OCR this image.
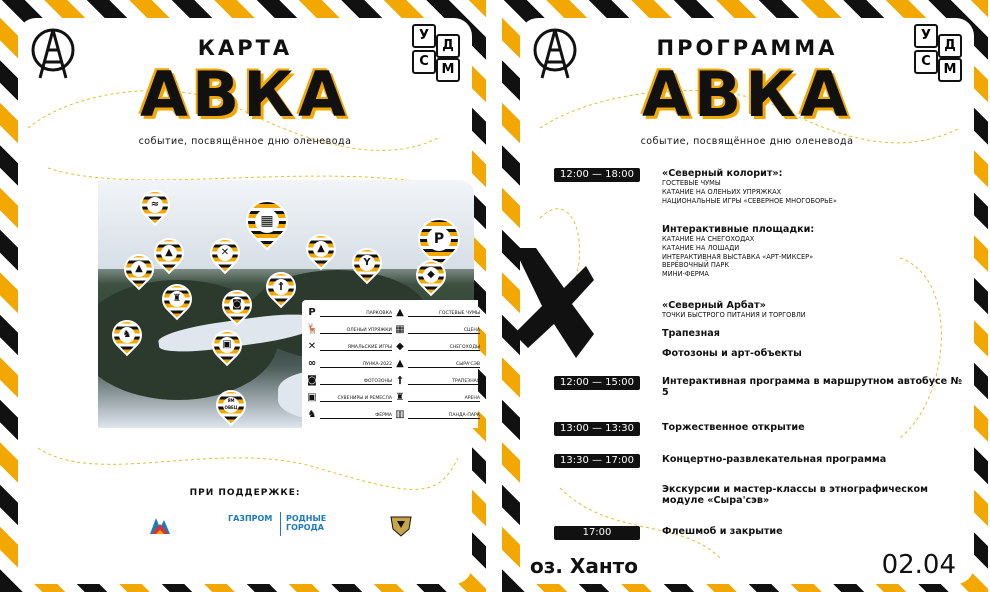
КАРТА
У
Д
С
М
АВКА
событие, посвящённое дню оленевода
≈
▦
P
▲
▲	✕	▲
Y
◆
♜
◙
†
♞
▣
ЯМ ОВЕЦ
P	ПАРКОВКА ▲	ГОСТЕВЫЕ ЧУМЫ
🦌	ОЛЕНЬИ УПРЯЖКИ ▦	СЦЕНА
✕	ЯМАЛЬСКИЕ ИГРЫ ◆	СНЕГОХОДЫ
∞	ЛУНКА-2022 ▲	СЫРА'СЭВ
◙	ФОТОЗОНЫ †	ТРАПЕЗНАЯ
▣	СУВЕНИРЫ И РЕМЕСЛА ♜	АРЕНА
♞	ФЕРМА ▥	ПАНДА-ПАРК
ПРИ ПОДДЕРЖКЕ:
ГАЗПРОМ РОДНЫЕ ГОРОДА
ПРОГРАММА
У
Д
С
М
АВКА
событие, посвящённое дню оленевода
12:00 — 18:00	«Северный колорит»:
ГОСТЕВЫЕ ЧУМЫ
КАТАНИЕ НА ОЛЕНЬИХ УПРЯЖКАХ
НАЦИОНАЛЬНЫЕ ИГРЫ «СЕВЕРНОЕ МНОГОБОРЬЕ»
Интерактивные площадки:
КАТАНИЕ НА СНЕГОХОДАХ
КАТАНИЕ НА ЛОШАДИ
ИНТЕРАКТИВНАЯ ВЫСТАВКА «АРТ-МИКСЕР»
ВЕРЁВОЧНЫЙ ПАРК
МИНИ-ФЕРМА
«Северный Арбат»
ТОЧКИ БЫСТРОГО ПИТАНИЯ И ТОРГОВЛИ
Трапезная
Фотозоны и арт-объекты
12:00 — 15:00	Интерактивная программа в маршрутном автобусе № 5
13:00 — 13:30	Торжественное открытие
13:30 — 17:00	Концертно-развлекательная программа
Экскурсии и мастер-классы в этнографическом модуле «Сыра'сэв»
17:00	Флешмоб и закрытие
оз. Ханто	02.04
